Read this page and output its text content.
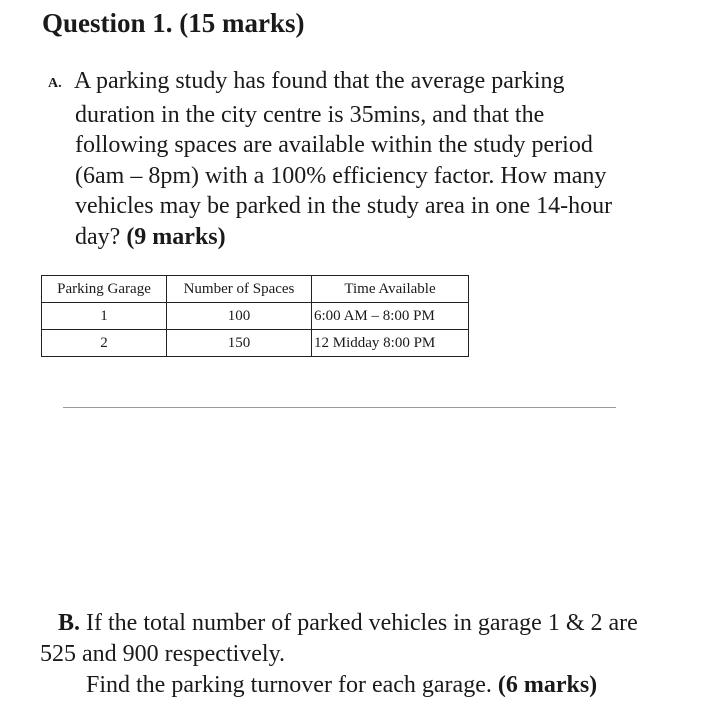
Question 1. (15 marks)

A. A parking study has found that the average parking

duration in the city centre is 35mins, and that the

following spaces are available within the study period

(6am – 8pm) with a 100% efficiency factor. How many

vehicles may be parked in the study area in one 14-hour

day? (9 marks)

Parking Garage	Number of Spaces	Time Available
1	100	6:00 AM – 8:00 PM
2	150	12 Midday 8:00 PM

B. If the total number of parked vehicles in garage 1 & 2 are

525 and 900 respectively.

Find the parking turnover for each garage. (6 marks)
